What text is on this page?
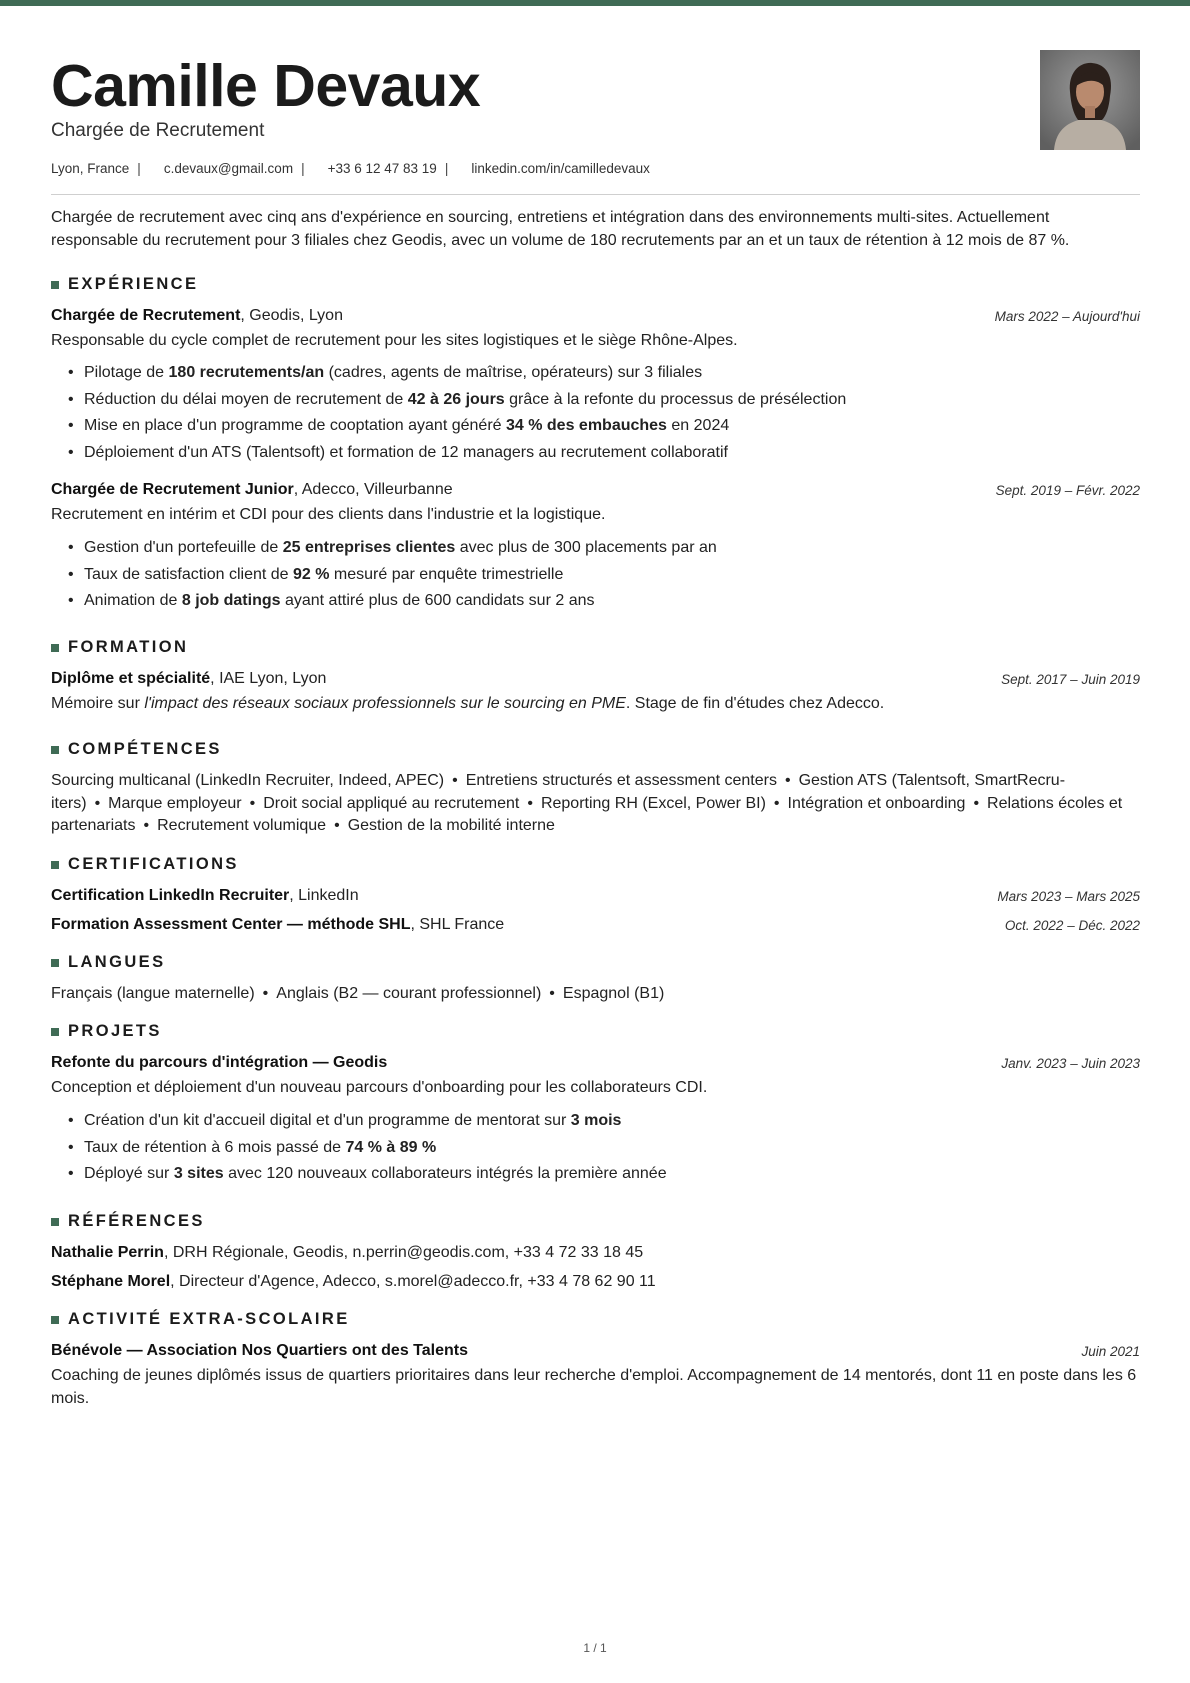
Camille Devaux
Chargée de Recrutement
Lyon, France | c.devaux@gmail.com | +33 6 12 47 83 19 | linkedin.com/in/camilledevaux

Chargée de recrutement avec cinq ans d'expérience en sourcing, entretiens et intégration dans des environnements multi-sites. Actuellement responsable du recrutement pour 3 filiales chez Geodis, avec un volume de 180 recrutements par an et un taux de rétention à 12 mois de 87 %.

EXPÉRIENCE
Chargée de Recrutement, Geodis, Lyon	Mars 2022 – Aujourd'hui

Responsable du cycle complet de recrutement pour les sites logistiques et le siège Rhône-Alpes.

• Pilotage de 180 recrutements/an (cadres, agents de maîtrise, opérateurs) sur 3 filiales
• Réduction du délai moyen de recrutement de 42 à 26 jours grâce à la refonte du processus de présélection
• Mise en place d'un programme de cooptation ayant généré 34 % des embauches en 2024
• Déploiement d'un ATS (Talentsoft) et formation de 12 managers au recrutement collaboratif
Chargée de Recrutement Junior, Adecco, Villeurbanne	Sept. 2019 – Févr. 2022

Recrutement en intérim et CDI pour des clients dans l'industrie et la logistique.

• Gestion d'un portefeuille de 25 entreprises clientes avec plus de 300 placements par an
• Taux de satisfaction client de 92 % mesuré par enquête trimestrielle
• Animation de 8 job datings ayant attiré plus de 600 candidats sur 2 ans
FORMATION
Diplôme et spécialité, IAE Lyon, Lyon	Sept. 2017 – Juin 2019

Mémoire sur l'impact des réseaux sociaux professionnels sur le sourcing en PME. Stage de fin d'études chez Adecco.

COMPÉTENCES

Sourcing multicanal (LinkedIn Recruiter, Indeed, APEC) • Entretiens structurés et assessment centers • Gestion ATS (Talentsoft, SmartRecru-iters) • Marque employeur • Droit social appliqué au recrutement • Reporting RH (Excel, Power BI) • Intégration et onboarding • Relations écoles et partenariats • Recrutement volumique • Gestion de la mobilité interne

CERTIFICATIONS
Certification LinkedIn Recruiter, LinkedIn	Mars 2023 – Mars 2025
Formation Assessment Center — méthode SHL, SHL France	Oct. 2022 – Déc. 2022
LANGUES

Français (langue maternelle) • Anglais (B2 — courant professionnel) • Espagnol (B1)

PROJETS
Refonte du parcours d'intégration — Geodis	Janv. 2023 – Juin 2023

Conception et déploiement d'un nouveau parcours d'onboarding pour les collaborateurs CDI.

• Création d'un kit d'accueil digital et d'un programme de mentorat sur 3 mois
• Taux de rétention à 6 mois passé de 74 % à 89 %
• Déployé sur 3 sites avec 120 nouveaux collaborateurs intégrés la première année
RÉFÉRENCES
Nathalie Perrin, DRH Régionale, Geodis, n.perrin@geodis.com, +33 4 72 33 18 45
Stéphane Morel, Directeur d'Agence, Adecco, s.morel@adecco.fr, +33 4 78 62 90 11
ACTIVITÉ EXTRA-SCOLAIRE
Bénévole — Association Nos Quartiers ont des Talents	Juin 2021

Coaching de jeunes diplômés issus de quartiers prioritaires dans leur recherche d'emploi. Accompagnement de 14 mentorés, dont 11 en poste dans les 6 mois.

1 / 1
